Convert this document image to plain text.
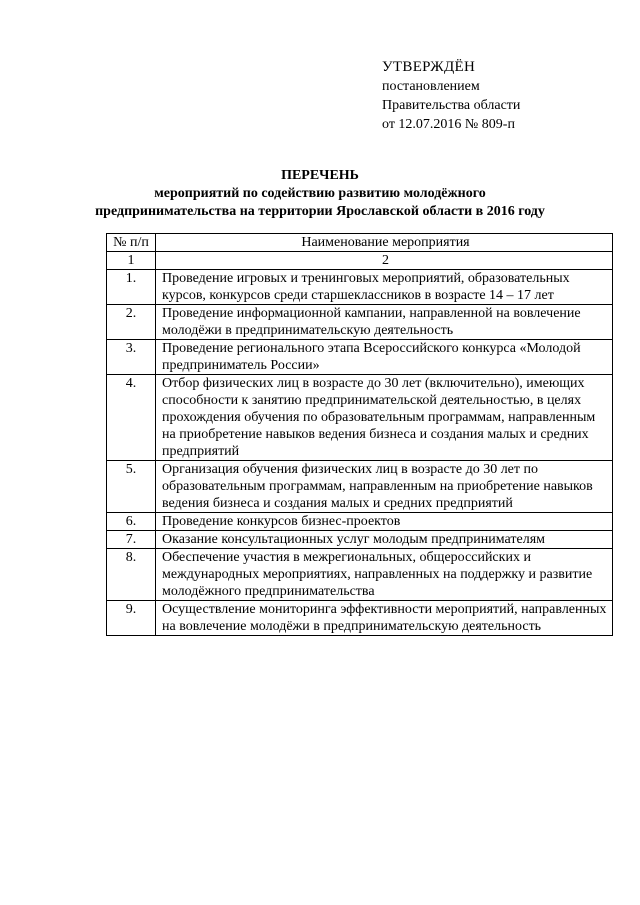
УТВЕРЖДЁН
постановлением
Правительства области
от 12.07.2016 № 809-п
ПЕРЕЧЕНЬ
мероприятий по содействию развитию молодёжного
предпринимательства на территории Ярославской области в 2016 году
№ п/п	Наименование мероприятия
1	2
1.	Проведение игровых и тренинговых мероприятий, образовательных курсов, конкурсов среди старшеклассников в возрасте 14 – 17 лет
2.	Проведение информационной кампании, направленной на вовлечение молодёжи в предпринимательскую деятельность
3.	Проведение регионального этапа Всероссийского конкурса «Молодой предприниматель России»
4.	Отбор физических лиц в возрасте до 30 лет (включительно), имеющих способности к занятию предпринимательской деятельностью, в целях прохождения обучения по образовательным программам, направленным на приобретение навыков ведения бизнеса и создания малых и средних предприятий
5.	Организация обучения физических лиц в возрасте до 30 лет по образовательным программам, направленным на приобретение навыков ведения бизнеса и создания малых и средних предприятий
6.	Проведение конкурсов бизнес-проектов
7.	Оказание консультационных услуг молодым предпринимателям
8.	Обеспечение участия в межрегиональных, общероссийских и международных мероприятиях, направленных на поддержку и развитие молодёжного предпринимательства
9.	Осуществление мониторинга эффективности мероприятий, направленных на вовлечение молодёжи в предпринимательскую деятельность
